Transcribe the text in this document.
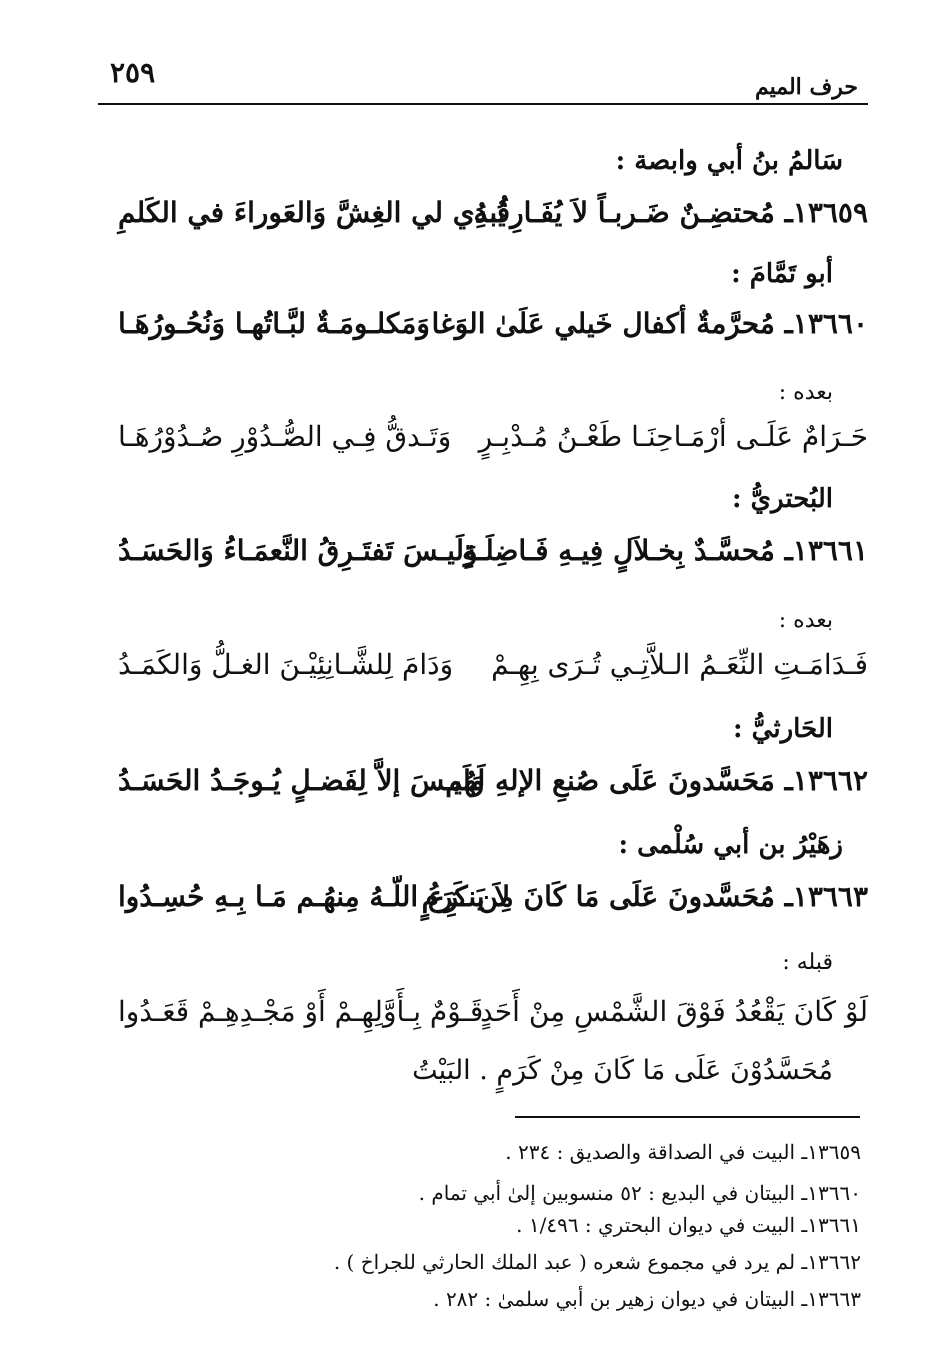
٢٥٩	حرف الميم
سَالمُ بنُ أبي وابصة :
١٣٦٥٩ـ مُحتضِـنٌ ضَـربـاً لاَ يُفَـارِقُـهُ
يُبدِي لي الغِشَّ وَالعَوراءَ في الكَلمِ
أبو تَمَّامَ :
١٣٦٦٠ـ مُحرَّمةٌ أكفال خَيلي عَلَىٰ الوَغا
وَمَكلـومَـةٌ لبَّـاتُهـا وَنُحُـورُهَـا
بعده :
حَـرَامٌ عَلَـى أرْمَـاحِنَـا طَعْـنُ مُـدْبِـرٍ
وَتَـدقُّ فِـي الصُّـدُوْرِ صُـدُوْرُهَـا
البُحتريُّ :
١٣٦٦١ـ مُحسَّـدٌ بِخـلاَلٍ فِيـهِ فَـاضِلَـةٍ
وَلَيـسَ تَفتَـرِقُ النَّعمَـاءُ وَالحَسَـدُ
بعده :
فَـدَامَـتِ النِّعَـمُ الـلاَّتِـي تُـرَى بِهِـمْ
وَدَامَ لِلشَّـانِئِيْـنَ الغـلُّ وَالكَمَـدُ
الحَارثيُّ :
١٣٦٦٢ـ مَحَسَّدونَ عَلَى صُنعِ الإلهِ لَهُم
وَلَيـسَ إلاَّ لِفَضـلٍ يُـوجَـدُ الحَسَـدُ
زهَيْرُ بن أبي سُلْمى :
١٣٦٦٣ـ مُحَسَّدونَ عَلَى مَا كَانَ مِن كَرَمٍ
لاَ يَنـزِعُ اللّـهُ مِنهُـم مَـا بِـهِ حُسِـدُوا
قبله :
لَوْ كَانَ يَقْعُدُ فَوْقَ الشَّمْسِ مِنْ أَحَدٍ
قَـوْمٌ بِـأَوَّلِهِـمْ أَوْ مَجْـدِهِـمْ قَعَـدُوا
مُحَسَّدُوْنَ عَلَى مَا كَانَ مِنْ كَرَمٍ . البَيْتُ
١٣٦٥٩ـ البيت في الصداقة والصديق : ٢٣٤ .
١٣٦٦٠ـ البيتان في البديع : ٥٢ منسوبين إلىٰ أبي تمام .
١٣٦٦١ـ البيت في ديوان البحتري : ١/٤٩٦ .
١٣٦٦٢ـ لم يرد في مجموع شعره ( عبد الملك الحارثي للجراخ ) .
١٣٦٦٣ـ البيتان في ديوان زهير بن أبي سلمىٰ : ٢٨٢ .
